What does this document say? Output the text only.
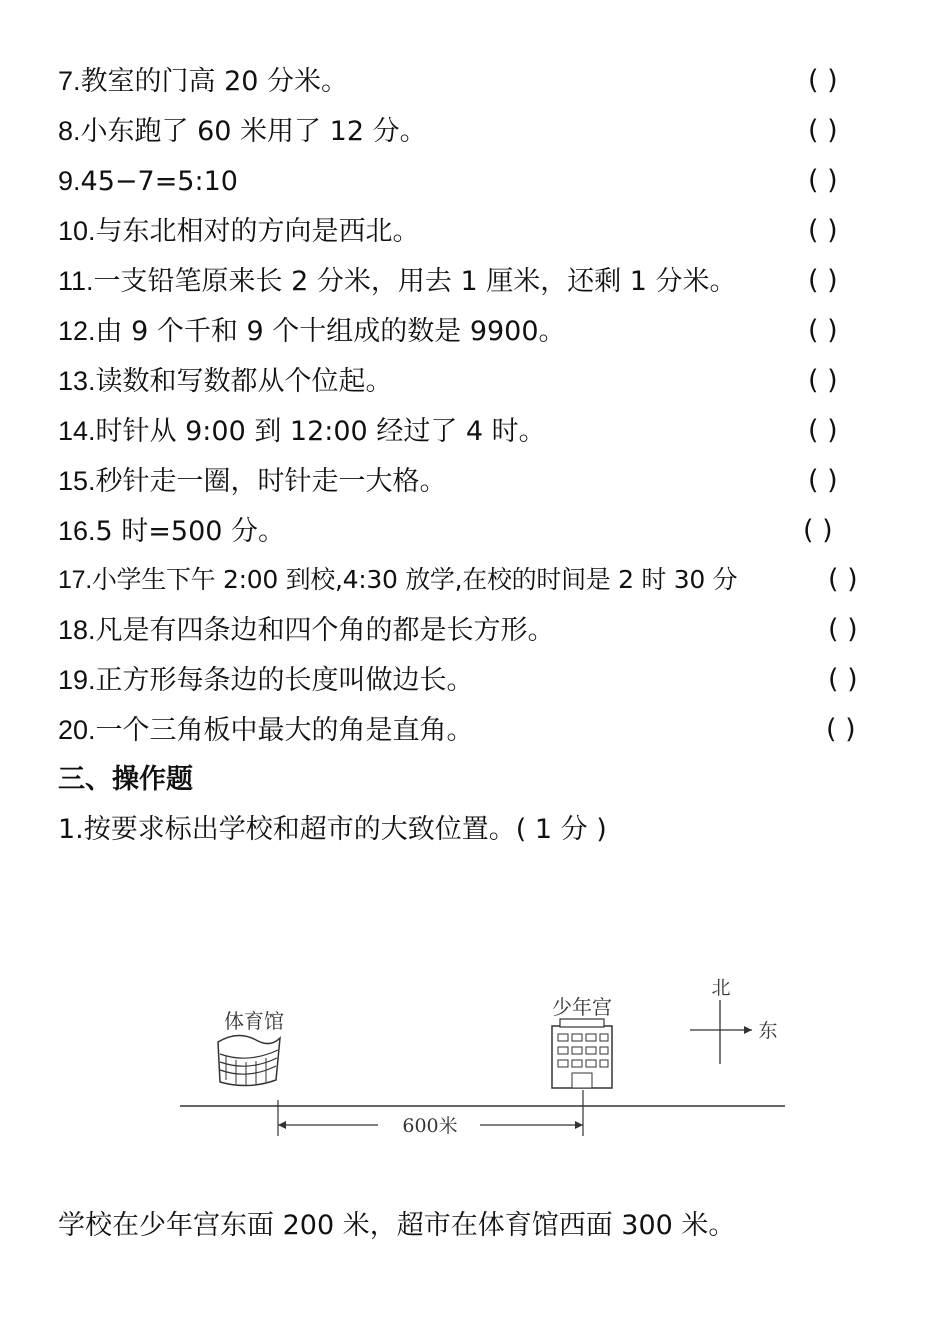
7.教室的门高 20 分米。	( )
8.小东跑了 60 米用了 12 分。	( )
9.45−7=5:10	( )
10.与东北相对的方向是西北。	( )
11.一支铅笔原来长 2 分米，用去 1 厘米，还剩 1 分米。	( )
12.由 9 个千和 9 个十组成的数是 9900。	( )
13.读数和写数都从个位起。	( )
14.时针从 9:00 到 12:00 经过了 4 时。	( )
15.秒针走一圈，时针走一大格。	( )
16.5 时=500 分。	( )
17.小学生下午 2:00 到校,4:30 放学,在校的时间是 2 时 30 分	( )
18.凡是有四条边和四个角的都是长方形。	( )
19.正方形每条边的长度叫做边长。	( )
20.一个三角板中最大的角是直角。	( )
三、操作题
1.按要求标出学校和超市的大致位置。( 1 分 )
体育馆
少年宫
北
东
600米
学校在少年宫东面 200 米，超市在体育馆西面 300 米。
